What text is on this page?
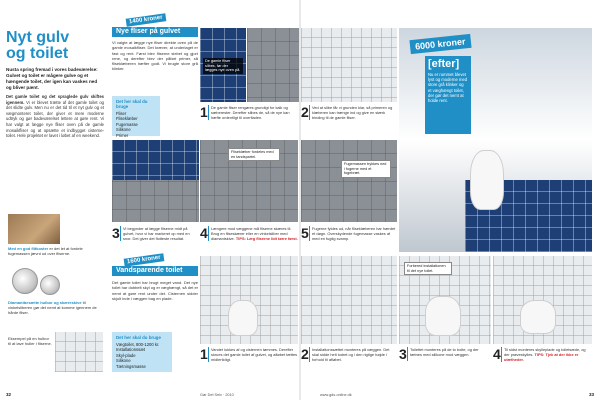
Nyt gulv
og toilet
Nusta spring fremad i vores badeværelse: Gulvet og toilet er mågere gulve og et hængende toilet, der igen kan vaskes ned og bliver pænt.
Det gamle toilet og det spraglede gulv skiftes igennem. Vi er blevet trætte af det gamle toilet og det slidte gulv. Men nu er det tid til et nyt gulv og et vægmonteret toilet, der giver et mere moderne udtryk og gør badeværelset lettere at gøre rent. Vi har valgt at lægge nye fliser oven på de gamle mosaikfliser og at opsætte et indbygget cisterne-toilet. Hele projektet er lavet i løbet af en weekend.
Med en god filtkoster er det let at fordele fugemassen jævnt ud over fliserne.
Diamantbesætte hulbor og skæreskive til vinkelsliberen gør det nemt at komme igennem de hårde fliser.
Eksempel på en hulbor til at lave huller i fliserne.
1400 kroner
Nye fliser på gulvet
Vi valgte at lægge nye fliser direkte oven på de gamle mosaikfliser. Det kræver, at underlaget er fast og rent. Først blev fliserne slebet og gjort rene, og derefter blev der påført primer, så fliseklæberen hæfter godt. Vi brugte store grå klinker.
Det her skal du bruge
Fliser
Fliseklæber
Fugemasse
Silikone
Primer
De gamle fliser slibes, før der lægges nye oven på.
1 De gamle fliser rengøres grundigt for kalk og sæberester. Derefter slibes de, så de nye kan hæfte ordentligt til overfladen.	2 Ved at slibe får vi grunden klar, så primeren og klæberen kan trænge ind og give en stærk binding til de gamle fliser.
Fliseklæber fordeles med en tandspartel.
Fugemassen trykkes ned i fugerne med et fugebræt.
3 Vi begynder at lægge fliserne midt på gulvet, hvor vi har markeret op med en snor. Det giver det flotteste resultat.	4 Længere mod væggene må fliserne skæres til. Brug en fliseskærer eller en vinkelsliber med diamantskive. TIPS: Læg fliserne lidt tørre først. 5 Fugerne fyldes ud, når fliseklæberen har hærdet et døgn. Overskydende fugemasse vaskes af med en fugtig svamp.
1600 kroner
Vandsparende toilet
Det gamle toilet har brugt meget vand. Det nye toilet har dobbelt skyl og er væghængt, så det er nemt at gøre rent under det. Cisternen sidder skjult inde i væggen bag en plade.
Det her skal du bruge
Vægtoilet, 800-1200 kr.
Installationssæt
Skyl-plade
Silikone
Tætningsmasse
Forbered installationen til det nye toilet.
1 Vandet lukkes af og cisternen tømmes. Derefter skrues det gamle toilet af gulvet, og afløbet tættes midlertidigt.	2 Installationssættet monteres på væggen. Det skal sidde helt lodret og i den rigtige højde i forhold til afløbet.	3 Toilettet monteres på de to bolte, og der tætnes med silikone mod væggen.	4 Til sidst monteres skylleplade og toiletsæde, og der prøveskylles. TIPS: Tjek at der ikke er utætheder.
6000 kroner
[efter]
Nu er rummet blevet lyst og moderne med store grå klinker og et væghængt toilet, der gør det nemt at holde rent.
32	Gør Det Selv · 2010	www.gds-online.dk	33
